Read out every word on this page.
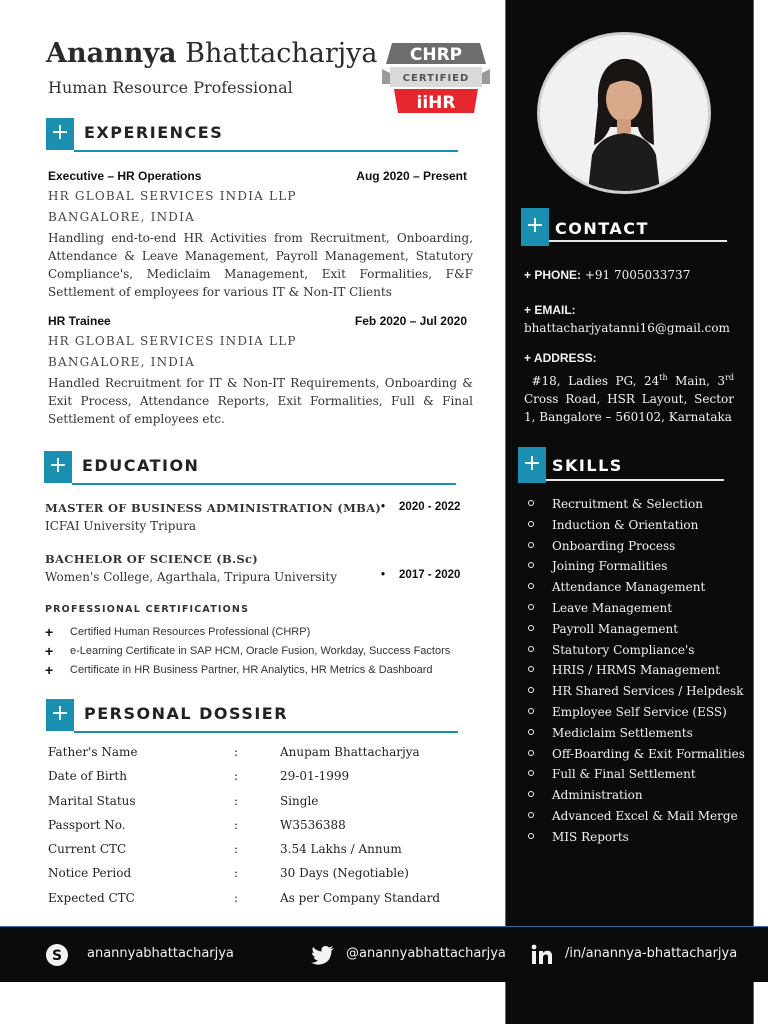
Anannya Bhattacharjya
Human Resource Professional
CHRP
CERTIFIED
iiHR
+ EXPERIENCES
Executive – HR Operations	Aug 2020 – Present
HR GLOBAL SERVICES INDIA LLP
BANGALORE, INDIA
Handling end-to-end HR Activities from Recruitment, Onboarding, Attendance & Leave Management, Payroll Management, Statutory Compliance's, Mediclaim Management, Exit Formalities, F&F Settlement of employees for various IT & Non-IT Clients
HR Trainee	Feb 2020 – Jul 2020
HR GLOBAL SERVICES INDIA LLP
BANGALORE, INDIA
Handled Recruitment for IT & Non-IT Requirements, Onboarding & Exit Process, Attendance Reports, Exit Formalities, Full & Final Settlement of employees etc.
+ EDUCATION
MASTER OF BUSINESS ADMINISTRATION (MBA)
ICFAI University Tripura
• 2020 - 2022
BACHELOR OF SCIENCE (B.Sc)
Women's College, Agarthala, Tripura University	• 2017 - 2020
PROFESSIONAL CERTIFICATIONS
+ Certified Human Resources Professional (CHRP)
+ e-Learning Certificate in SAP HCM, Oracle Fusion, Workday, Success Factors
+ Certificate in HR Business Partner, HR Analytics, HR Metrics & Dashboard
+ PERSONAL DOSSIER
Father's Name	:	Anupam Bhattacharjya
Date of Birth	:	29-01-1999
Marital Status	:	Single
Passport No.	:	W3536388
Current CTC	:	3.54 Lakhs / Annum
Notice Period	:	30 Days (Negotiable)
Expected CTC	:	As per Company Standard
+ CONTACT
+ PHONE: +91 7005033737
+ EMAIL:
bhattacharjyatanni16@gmail.com
+ ADDRESS:
#18, Ladies PG, 24th Main, 3rd Cross Road, HSR Layout, Sector 1, Bangalore – 560102, Karnataka
+ SKILLS
Recruitment & Selection
Induction & Orientation
Onboarding Process
Joining Formalities
Attendance Management
Leave Management
Payroll Management
Statutory Compliance's
HRIS / HRMS Management
HR Shared Services / Helpdesk
Employee Self Service (ESS)
Mediclaim Settlements
Off-Boarding & Exit Formalities
Full & Final Settlement
Administration
Advanced Excel & Mail Merge
MIS Reports
S anannyabhattacharjya	@anannyabhattacharjya	/in/anannya-bhattacharjya
